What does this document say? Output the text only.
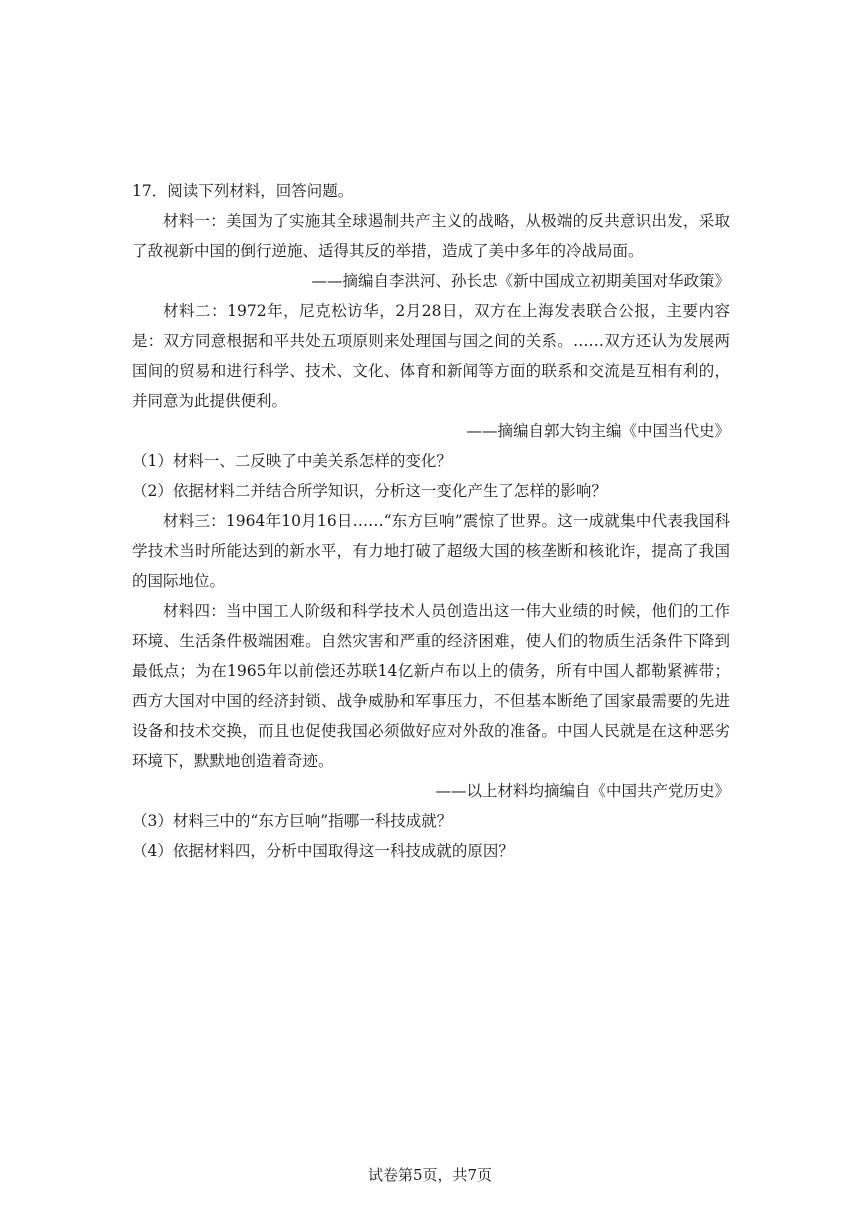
17．阅读下列材料，回答问题。

材料一：美国为了实施其全球遏制共产主义的战略，从极端的反共意识出发，采取了敌视新中国的倒行逆施、适得其反的举措，造成了美中多年的冷战局面。

——摘编自李洪河、孙长忠《新中国成立初期美国对华政策》

材料二：1972年，尼克松访华，2月28日，双方在上海发表联合公报，主要内容是：双方同意根据和平共处五项原则来处理国与国之间的关系。……双方还认为发展两国间的贸易和进行科学、技术、文化、体育和新闻等方面的联系和交流是互相有利的，并同意为此提供便利。

——摘编自郭大钧主编《中国当代史》

（1）材料一、二反映了中美关系怎样的变化？

（2）依据材料二并结合所学知识，分析这一变化产生了怎样的影响？

材料三：1964年10月16日……“东方巨响”震惊了世界。这一成就集中代表我国科学技术当时所能达到的新水平，有力地打破了超级大国的核垄断和核讹诈，提高了我国的国际地位。

材料四：当中国工人阶级和科学技术人员创造出这一伟大业绩的时候，他们的工作环境、生活条件极端困难。自然灾害和严重的经济困难，使人们的物质生活条件下降到最低点；为在1965年以前偿还苏联14亿新卢布以上的债务，所有中国人都勒紧裤带；西方大国对中国的经济封锁、战争威胁和军事压力，不但基本断绝了国家最需要的先进设备和技术交换，而且也促使我国必须做好应对外敌的准备。中国人民就是在这种恶劣环境下，默默地创造着奇迹。

——以上材料均摘编自《中国共产党历史》

（3）材料三中的“东方巨响”指哪一科技成就？

（4）依据材料四，分析中国取得这一科技成就的原因？

试卷第5页，共7页
